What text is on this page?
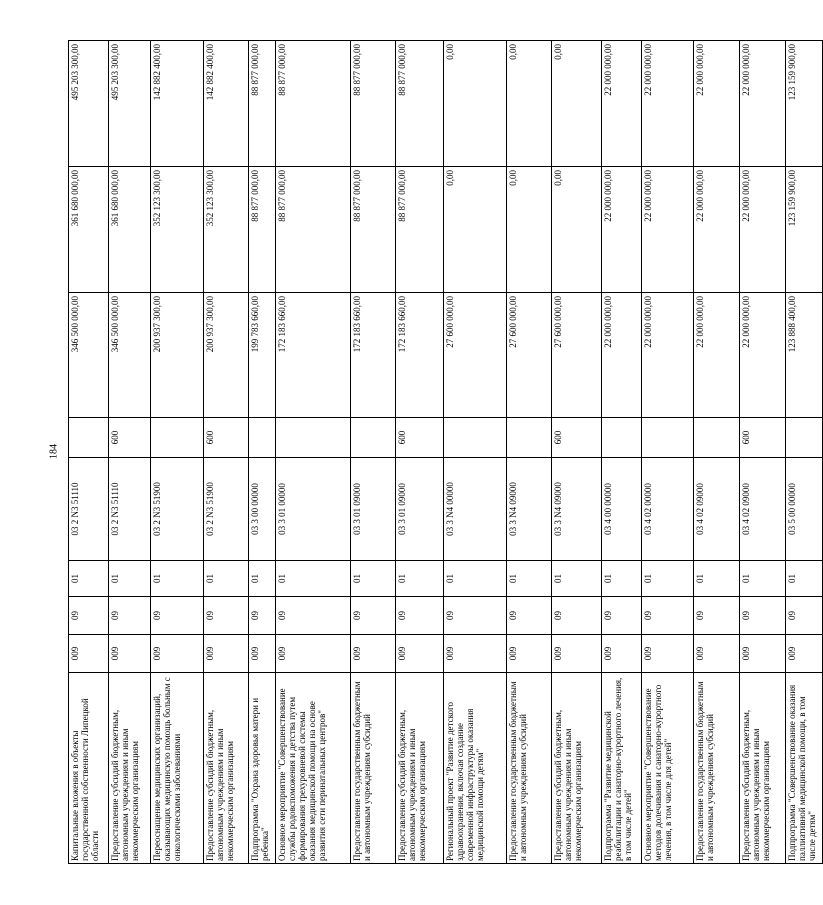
184
Капитальные вложения в объекты государственной собственности Липецкой области	009	09	01	03 2 N3 51110		346 500 000,00	361 680 000,00	495 203 300,00
Предоставление субсидий бюджетным, автономным учреждениям и иным некоммерческим организациям	009	09	01	03 2 N3 51110	600	346 500 000,00	361 680 000,00	495 203 300,00
Переоснащение медицинских организаций, оказывающих медицинскую помощь больным с онкологическими заболеваниями	009	09	01	03 2 N3 51900		200 937 300,00	352 123 300,00	142 882 400,00
Предоставление субсидий бюджетным, автономным учреждениям и иным некоммерческим организациям	009	09	01	03 2 N3 51900	600	200 937 300,00	352 123 300,00	142 882 400,00
Подпрограмма "Охрана здоровья матери и ребенка"	009	09	01	03 3 00 00000		199 783 660,00	88 877 000,00	88 877 000,00
Основное мероприятие "Совершенствование службы родовспоможения и детства путем формирования трехуровневой системы оказания медицинской помощи на основе развития сети перинатальных центров"	009	09	01	03 3 01 00000		172 183 660,00	88 877 000,00	88 877 000,00
Предоставление государственным бюджетным и автономным учреждениям субсидий	009	09	01	03 3 01 09000		172 183 660,00	88 877 000,00	88 877 000,00
Предоставление субсидий бюджетным, автономным учреждениям и иным некоммерческим организациям	009	09	01	03 3 01 09000	600	172 183 660,00	88 877 000,00	88 877 000,00
Региональный проект "Развитие детского здравоохранения, включая создание современной инфраструктуры оказания медицинской помощи детям"	009	09	01	03 3 N4 00000		27 600 000,00	0,00	0,00
Предоставление государственным бюджетным и автономным учреждениям субсидий	009	09	01	03 3 N4 09000		27 600 000,00	0,00	0,00
Предоставление субсидий бюджетным, автономным учреждениям и иным некоммерческим организациям	009	09	01	03 3 N4 09000	600	27 600 000,00	0,00	0,00
Подпрограмма "Развитие медицинской реабилитации и санаторно-курортного лечения, в том числе детей"	009	09	01	03 4 00 00000		22 000 000,00	22 000 000,00	22 000 000,00
Основное мероприятие "Совершенствование методов долечивания и санаторно-курортного лечения, в том числе для детей"	009	09	01	03 4 02 00000		22 000 000,00	22 000 000,00	22 000 000,00
Предоставление государственным бюджетным и автономным учреждениям субсидий	009	09	01	03 4 02 09000		22 000 000,00	22 000 000,00	22 000 000,00
Предоставление субсидий бюджетным, автономным учреждениям и иным некоммерческим организациям	009	09	01	03 4 02 09000	600	22 000 000,00	22 000 000,00	22 000 000,00
Подпрограмма "Совершенствование оказания паллиативной медицинской помощи, в том числе детям"	009	09	01	03 5 00 00000		123 888 400,00	123 159 900,00	123 159 900,00
